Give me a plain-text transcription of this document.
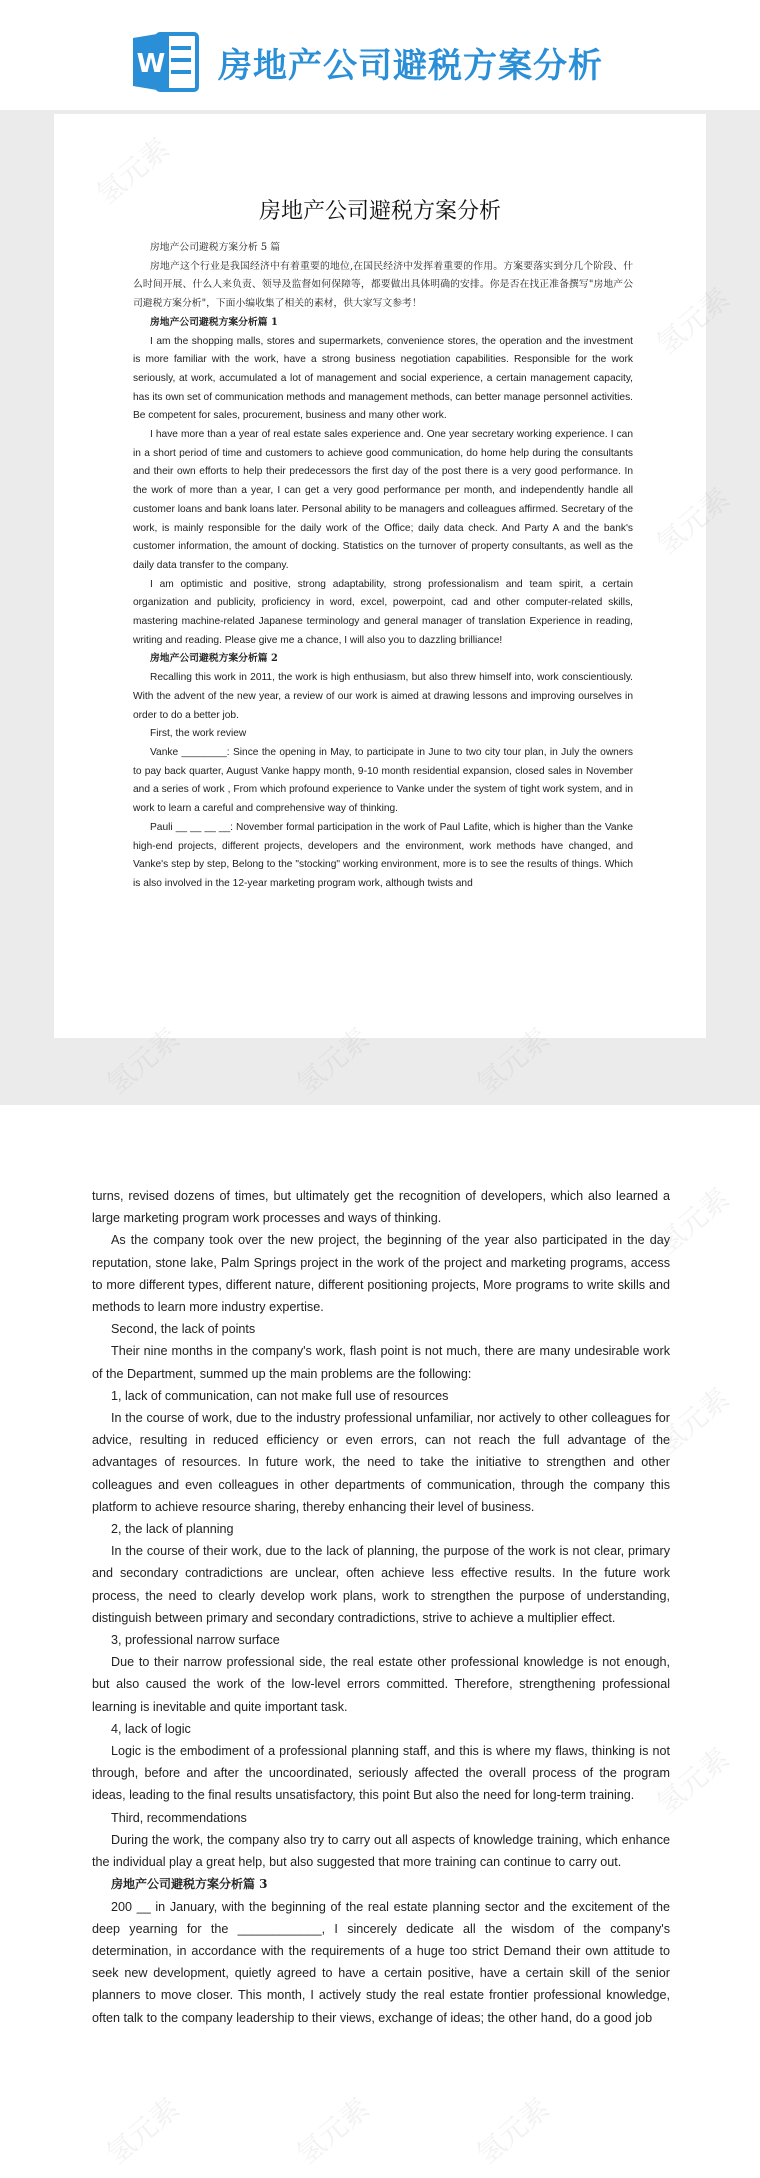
W 房地产公司避税方案分析
房地产公司避税方案分析

房地产公司避税方案分析 5 篇

房地产这个行业是我国经济中有着重要的地位,在国民经济中发挥着重要的作用。方案要落实到分几个阶段、什么时间开展、什么人来负责、领导及监督如何保障等，都要做出具体明确的安排。你是否在找正准备撰写"房地产公司避税方案分析"，下面小编收集了相关的素材，供大家写文参考！

房地产公司避税方案分析篇 1

I am the shopping malls, stores and supermarkets, convenience stores, the operation and the investment is more familiar with the work, have a strong business negotiation capabilities. Responsible for the work seriously, at work, accumulated a lot of management and social experience, a certain management capacity, has its own set of communication methods and management methods, can better manage personnel activities. Be competent for sales, procurement, business and many other work.

I have more than a year of real estate sales experience and. One year secretary working experience. I can in a short period of time and customers to achieve good communication, do home help during the consultants and their own efforts to help their predecessors the first day of the post there is a very good performance. In the work of more than a year, I can get a very good performance per month, and independently handle all customer loans and bank loans later. Personal ability to be managers and colleagues affirmed. Secretary of the work, is mainly responsible for the daily work of the Office; daily data check. And Party A and the bank's customer information, the amount of docking. Statistics on the turnover of property consultants, as well as the daily data transfer to the company.

I am optimistic and positive, strong adaptability, strong professionalism and team spirit, a certain organization and publicity, proficiency in word, excel, powerpoint, cad and other computer-related skills, mastering machine-related Japanese terminology and general manager of translation Experience in reading, writing and reading. Please give me a chance, I will also you to dazzling brilliance!

房地产公司避税方案分析篇 2

Recalling this work in 2011, the work is high enthusiasm, but also threw himself into, work conscientiously. With the advent of the new year, a review of our work is aimed at drawing lessons and improving ourselves in order to do a better job.

First, the work review

Vanke ________: Since the opening in May, to participate in June to two city tour plan, in July the owners to pay back quarter, August Vanke happy month, 9-10 month residential expansion, closed sales in November and a series of work , From which profound experience to Vanke under the system of tight work system, and in work to learn a careful and comprehensive way of thinking.

Pauli __ __ __ __: November formal participation in the work of Paul Lafite, which is higher than the Vanke high-end projects, different projects, developers and the environment, work methods have changed, and Vanke's step by step, Belong to the "stocking" working environment, more is to see the results of things. Which is also involved in the 12-year marketing program work, although twists and

turns, revised dozens of times, but ultimately get the recognition of developers, which also learned a large marketing program work processes and ways of thinking.

As the company took over the new project, the beginning of the year also participated in the day reputation, stone lake, Palm Springs project in the work of the project and marketing programs, access to more different types, different nature, different positioning projects, More programs to write skills and methods to learn more industry expertise.

Second, the lack of points

Their nine months in the company's work, flash point is not much, there are many undesirable work of the Department, summed up the main problems are the following:

1, lack of communication, can not make full use of resources

In the course of work, due to the industry professional unfamiliar, nor actively to other colleagues for advice, resulting in reduced efficiency or even errors, can not reach the full advantage of the advantages of resources. In future work, the need to take the initiative to strengthen and other colleagues and even colleagues in other departments of communication, through the company this platform to achieve resource sharing, thereby enhancing their level of business.

2, the lack of planning

In the course of their work, due to the lack of planning, the purpose of the work is not clear, primary and secondary contradictions are unclear, often achieve less effective results. In the future work process, the need to clearly develop work plans, work to strengthen the purpose of understanding, distinguish between primary and secondary contradictions, strive to achieve a multiplier effect.

3, professional narrow surface

Due to their narrow professional side, the real estate other professional knowledge is not enough, but also caused the work of the low-level errors committed. Therefore, strengthening professional learning is inevitable and quite important task.

4, lack of logic

Logic is the embodiment of a professional planning staff, and this is where my flaws, thinking is not through, before and after the uncoordinated, seriously affected the overall process of the program ideas, leading to the final results unsatisfactory, this point But also the need for long-term training.

Third, recommendations

During the work, the company also try to carry out all aspects of knowledge training, which enhance the individual play a great help, but also suggested that more training can continue to carry out.

房地产公司避税方案分析篇 3

200 __ in January, with the beginning of the real estate planning sector and the excitement of the deep yearning for the ____________, I sincerely dedicate all the wisdom of the company's determination, in accordance with the requirements of a huge too strict Demand their own attitude to seek new development, quietly agreed to have a certain positive, have a certain skill of the senior planners to move closer. This month, I actively study the real estate frontier professional knowledge, often talk to the company leadership to their views, exchange of ideas; the other hand, do a good job

氢元素
氢元素
氢元素
氢元素	氢元素	氢元素
